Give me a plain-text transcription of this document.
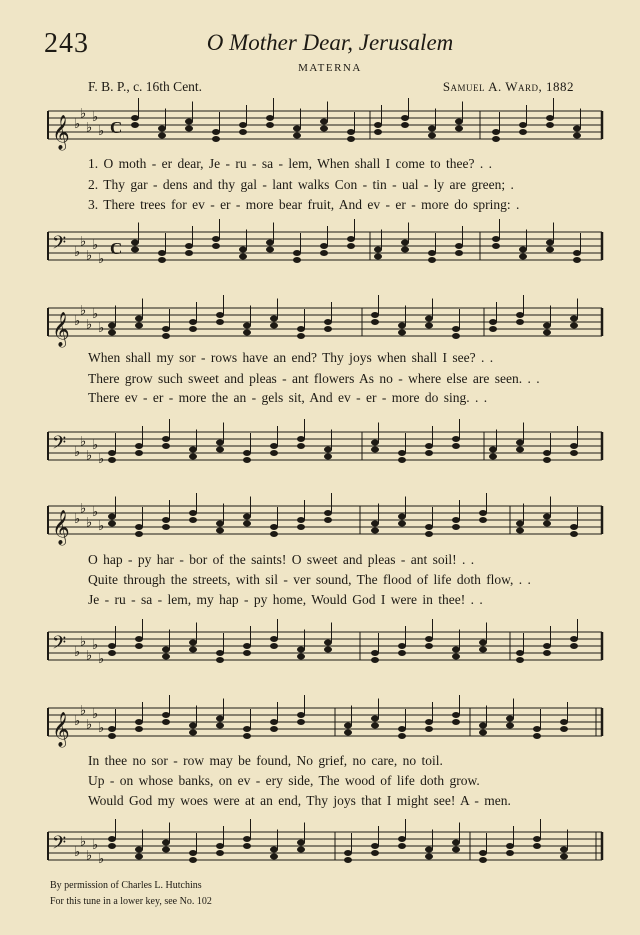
243	O Mother Dear, Jerusalem
MATERNA
F. B. P., c. 16th Cent.	Samuel A. Ward, 1882
𝄞 ♭
♭
♭
♭
♭ C
1. O moth - er dear, Je - ru - sa - lem, When shall I come to thee? . .
2. Thy gar - dens and thy gal - lant walks Con - tin - ual - ly are green; .
3. There trees for ev - er - more bear fruit, And ev - er - more do spring: .
𝄢 ♭
♭
♭
♭
♭
C
𝄞 ♭
♭
♭
♭
♭
When shall my sor - rows have an end? Thy joys when shall I see? . .
There grow such sweet and pleas - ant flowers As no - where else are seen. . .
There ev - er - more the an - gels sit, And ev - er - more do sing. . .
𝄢 ♭
♭
♭
♭
♭
𝄞 ♭
♭
♭
♭
♭
O hap - py har - bor of the saints! O sweet and pleas - ant soil! . .
Quite through the streets, with sil - ver sound, The flood of life doth flow, . .
Je - ru - sa - lem, my hap - py home, Would God I were in thee! . .
𝄢 ♭
♭
♭
♭
♭
𝄞 ♭
♭
♭
♭
♭
In thee no sor - row may be found, No grief, no care, no toil.
Up - on whose banks, on ev - ery side, The wood of life doth grow.
Would God my woes were at an end, Thy joys that I might see! A - men.
𝄢 ♭
♭
♭
♭
♭
By permission of Charles L. Hutchins
For this tune in a lower key, see No. 102
